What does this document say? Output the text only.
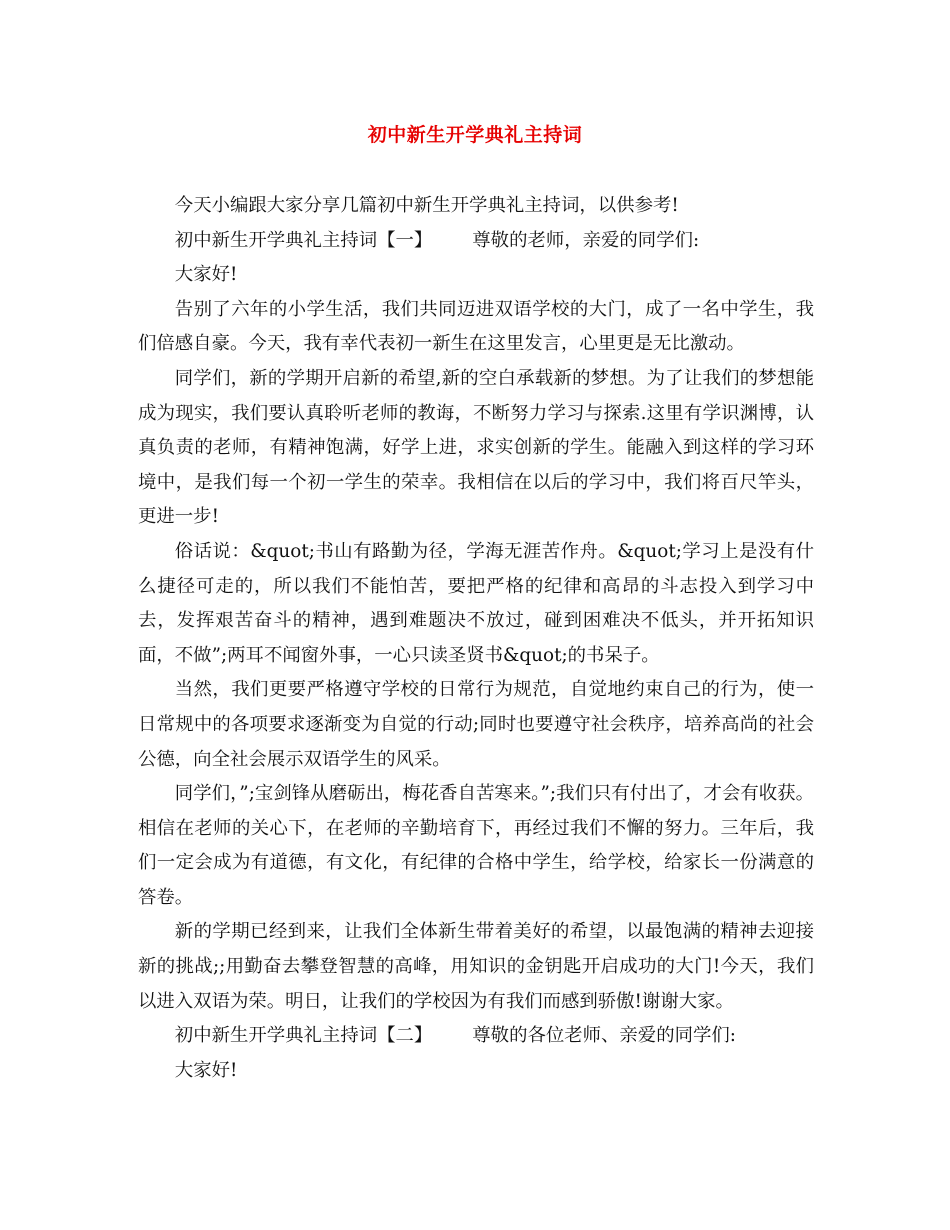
初中新生开学典礼主持词

今天小编跟大家分享几篇初中新生开学典礼主持词，以供参考!

初中新生开学典礼主持词【一】 尊敬的老师，亲爱的同学们:

大家好!

告别了六年的小学生活，我们共同迈进双语学校的大门，成了一名中学生，我们倍感自豪。今天，我有幸代表初一新生在这里发言，心里更是无比激动。

同学们，新的学期开启新的希望,新的空白承载新的梦想。为了让我们的梦想能成为现实，我们要认真聆听老师的教诲，不断努力学习与探索.这里有学识渊博，认真负责的老师，有精神饱满，好学上进，求实创新的学生。能融入到这样的学习环境中，是我们每一个初一学生的荣幸。我相信在以后的学习中，我们将百尺竿头，更进一步!

俗话说：&quot;书山有路勤为径，学海无涯苦作舟。&quot;学习上是没有什么捷径可走的，所以我们不能怕苦，要把严格的纪律和高昂的斗志投入到学习中去，发挥艰苦奋斗的精神，遇到难题决不放过，碰到困难决不低头，并开拓知识面，不做”;两耳不闻窗外事，一心只读圣贤书&quot;的书呆子。

当然，我们更要严格遵守学校的日常行为规范，自觉地约束自己的行为，使一日常规中的各项要求逐渐变为自觉的行动;同时也要遵守社会秩序，培养高尚的社会公德，向全社会展示双语学生的风采。

同学们，”;宝剑锋从磨砺出，梅花香自苦寒来。”;我们只有付出了，才会有收获。相信在老师的关心下，在老师的辛勤培育下，再经过我们不懈的努力。三年后，我们一定会成为有道德，有文化，有纪律的合格中学生，给学校，给家长一份满意的答卷。

新的学期已经到来，让我们全体新生带着美好的希望，以最饱满的精神去迎接新的挑战;;用勤奋去攀登智慧的高峰，用知识的金钥匙开启成功的大门!今天，我们以进入双语为荣。明日，让我们的学校因为有我们而感到骄傲!谢谢大家。

初中新生开学典礼主持词【二】 尊敬的各位老师、亲爱的同学们:

大家好!
